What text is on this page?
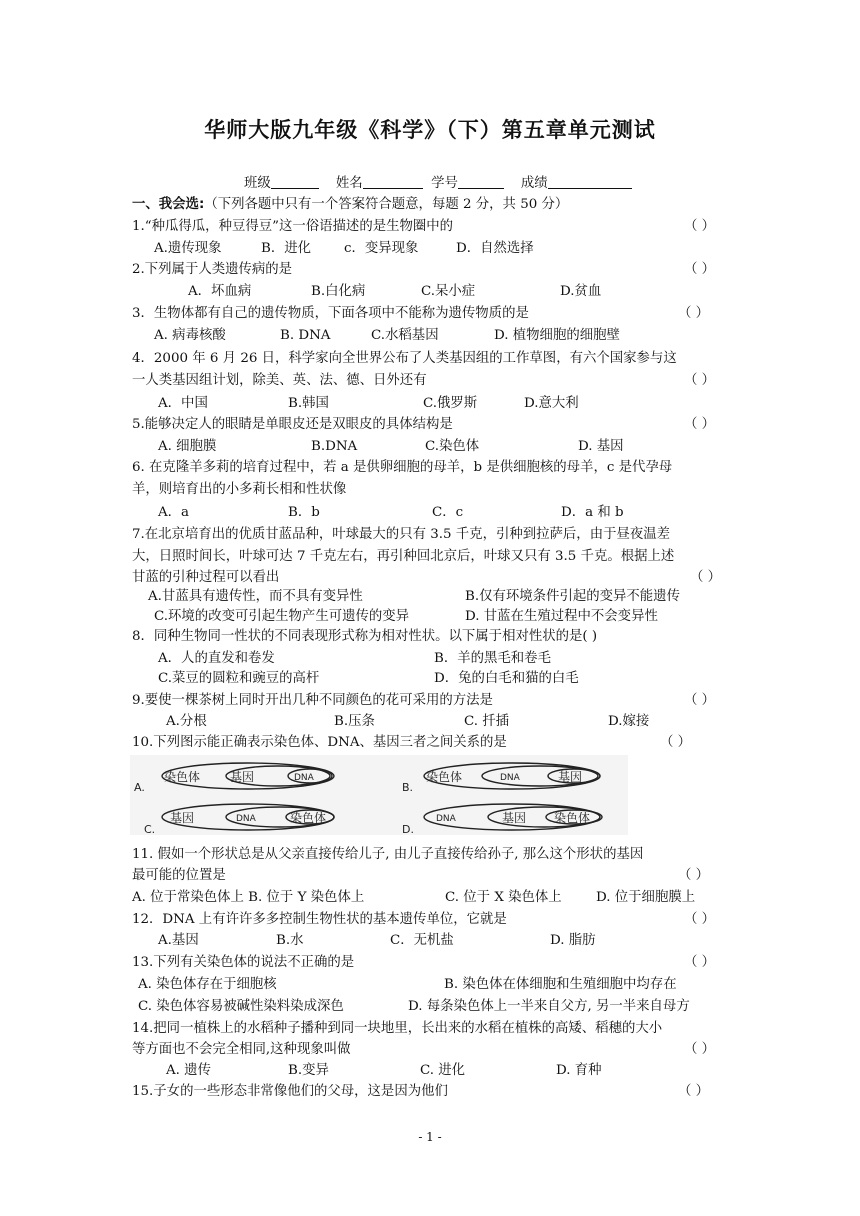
华师大版九年级《科学》（下）第五章单元测试
班级	姓名	学号	成绩
一、我会选:（下列各题中只有一个答案符合题意，每题 2 分，共 50 分）
1.“种瓜得瓜，种豆得豆”这一俗语描述的是生物圈中的	（ ）
A.遗传现象	B．进化 c．变异现象	D．自然选择
2.下列属于人类遗传病的是	（ ）
A．坏血病	B.白化病	C.呆小症	D.贫血
3．生物体都有自己的遗传物质，下面各项中不能称为遗传物质的是	（ ）
A. 病毒核酸	B. DNA	C.水稻基因	D. 植物细胞的细胞壁
4．2000 年 6 月 26 日，科学家向全世界公布了人类基因组的工作草图，有六个国家参与这
一人类基因组计划，除美、英、法、德、日外还有	（ ）
A．中国	B.韩国	C.俄罗斯	D.意大利
5.能够决定人的眼睛是单眼皮还是双眼皮的具体结构是	（ ）
A. 细胞膜	B.DNA	C.染色体	D. 基因
6. 在克隆羊多莉的培育过程中，若 a 是供卵细胞的母羊，b 是供细胞核的母羊，c 是代孕母
羊，则培育出的小多莉长相和性状像
A．a	B．b	C．c	D．a 和 b
7.在北京培育出的优质甘蓝品种，叶球最大的只有 3.5 千克，引种到拉萨后，由于昼夜温差
大，日照时间长，叶球可达 7 千克左右，再引种回北京后，叶球又只有 3.5 千克。根据上述
甘蓝的引种过程可以看出	（ ）
A.甘蓝具有遗传性，而不具有变异性	B.仅有环境条件引起的变异不能遗传
C.环境的改变可引起生物产生可遗传的变异	D. 甘蓝在生殖过程中不会变异性
8．同种生物同一性状的不同表现形式称为相对性状。以下属于相对性状的是( )
A．人的直发和卷发	B．羊的黑毛和卷毛
C.菜豆的圆粒和豌豆的高杆	D．兔的白毛和猫的白毛
9.要使一棵茶树上同时开出几种不同颜色的花可采用的方法是	（ ）
A.分根	B.压条	C. 扦插	D.嫁接
10.下列图示能正确表示染色体、DNA、基因三者之间关系的是	（ ）
染色体 基因	DNA
A.
染色体	DNA	基因
B.
基因	DNA	染色体
C.
DNA	基因 染色体
D.
11. 假如一个形状总是从父亲直接传给儿子, 由儿子直接传给孙子, 那么这个形状的基因
最可能的位置是	（ ）
A. 位于常染色体上 B. 位于 Y 染色体上	C. 位于 X 染色体上	D. 位于细胞膜上
12．DNA 上有许许多多控制生物性状的基本遗传单位，它就是	（ ）
A.基因	B.水	C．无机盐	D. 脂肪
13.下列有关染色体的说法不正确的是	（ ）
A. 染色体存在于细胞核	B. 染色体在体细胞和生殖细胞中均存在
C. 染色体容易被碱性染料染成深色	D. 每条染色体上一半来自父方, 另一半来自母方
14.把同一植株上的水稻种子播种到同一块地里，长出来的水稻在植株的高矮、稻穗的大小
等方面也不会完全相同,这种现象叫做	（ ）
A. 遗传	B.变异	C. 进化	D. 育种
15.子女的一些形态非常像他们的父母，这是因为他们	（ ）
- 1 -
